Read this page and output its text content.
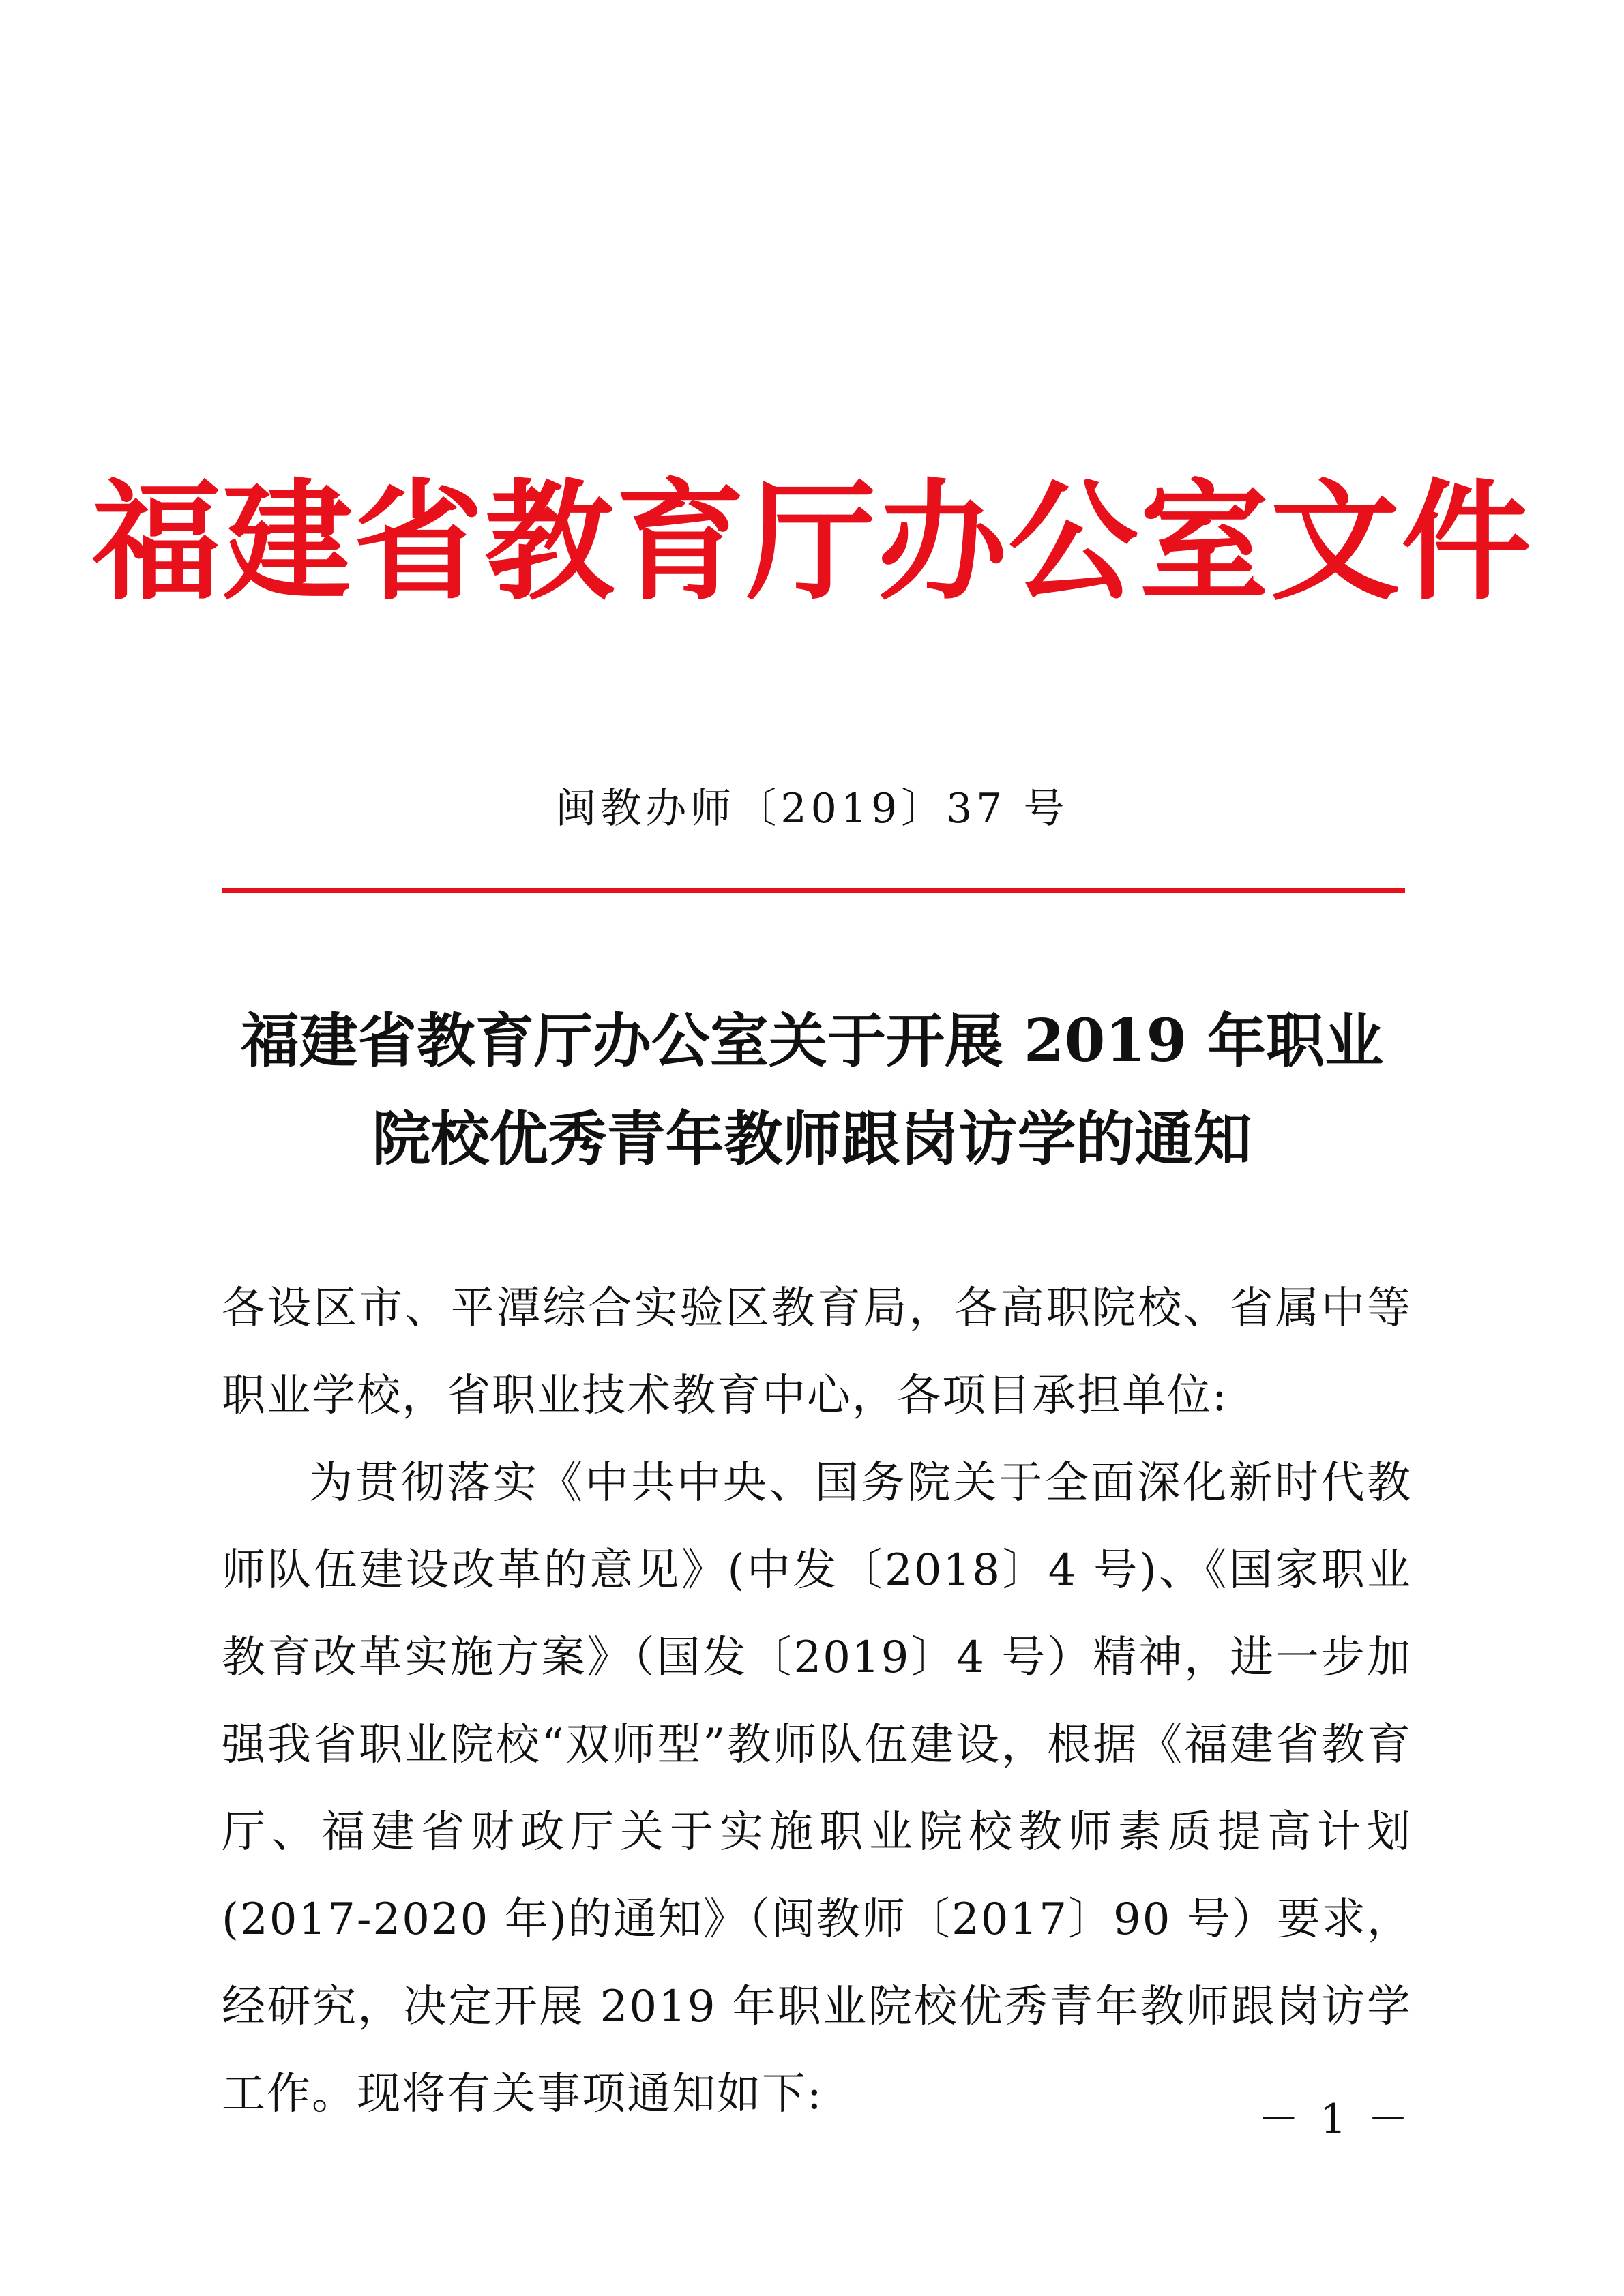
福建省教育厅办公室文件
闽教办师〔2019〕37 号
福建省教育厅办公室关于开展 2019 年职业
院校优秀青年教师跟岗访学的通知

各设区市、平潭综合实验区教育局，各高职院校、省属中等职业学校，省职业技术教育中心，各项目承担单位:

为贯彻落实《中共中央、国务院关于全面深化新时代教师队伍建设改革的意见》(中发〔2018〕4 号)、《国家职业教育改革实施方案》（国发〔2019〕4 号）精神，进一步加强我省职业院校“双师型”教师队伍建设，根据《福建省教育厅、福建省财政厅关于实施职业院校教师素质提高计划(2017-2020 年)的通知》（闽教师〔2017〕90 号）要求，经研究，决定开展 2019 年职业院校优秀青年教师跟岗访学工作。现将有关事项通知如下:	－ 1 －
